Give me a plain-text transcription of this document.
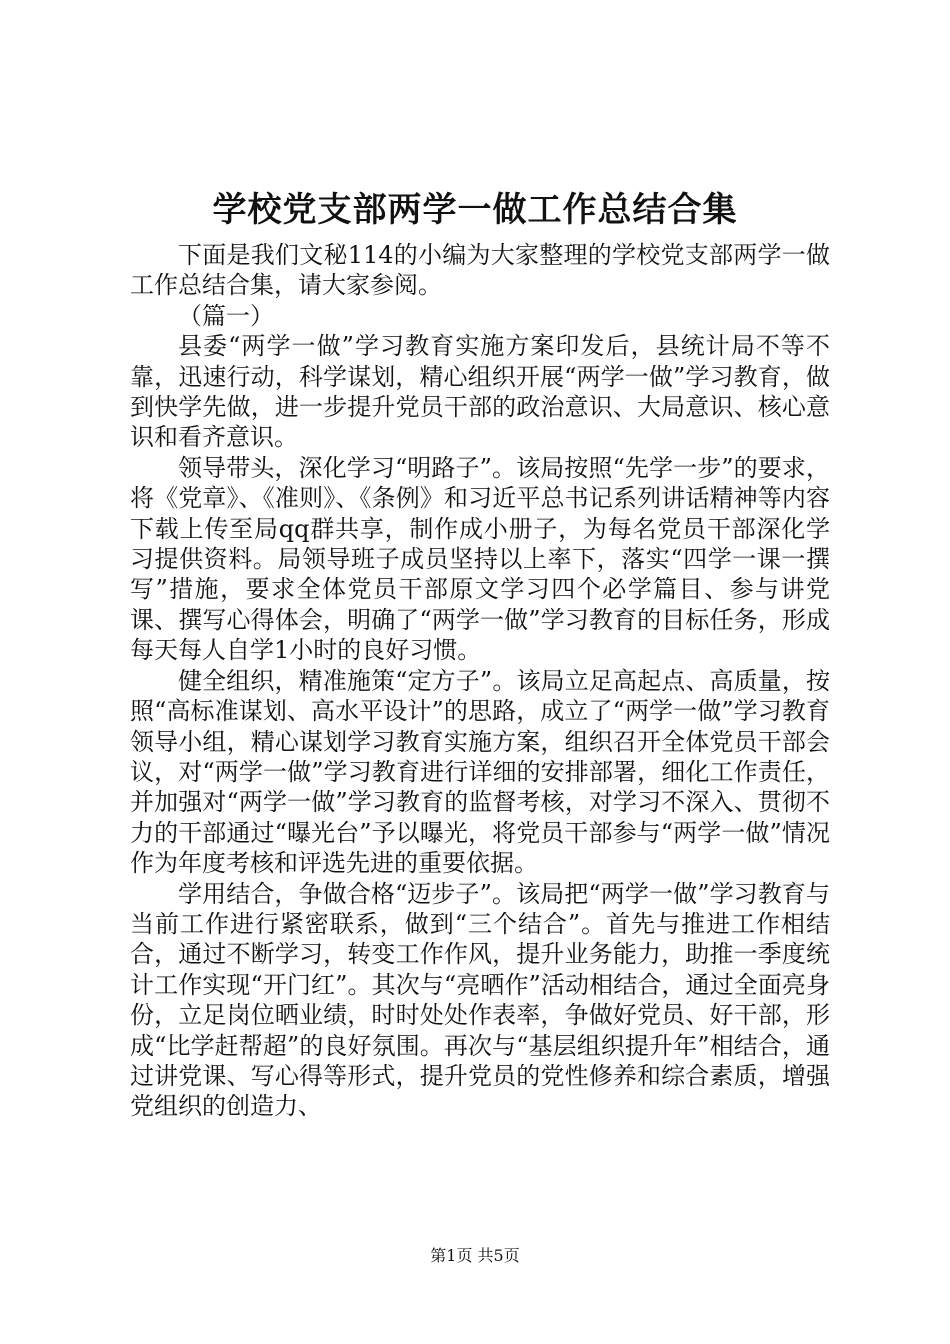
学校党支部两学一做工作总结合集

下面是我们文秘114的小编为大家整理的学校党支部两学一做工作总结合集，请大家参阅。

（篇一）

县委“两学一做”学习教育实施方案印发后，县统计局不等不靠，迅速行动，科学谋划，精心组织开展“两学一做”学习教育，做到快学先做，进一步提升党员干部的政治意识、大局意识、核心意识和看齐意识。

领导带头，深化学习“明路子”。该局按照“先学一步”的要求，将《党章》、《准则》、《条例》和习近平总书记系列讲话精神等内容下载上传至局qq群共享，制作成小册子，为每名党员干部深化学习提供资料。局领导班子成员坚持以上率下，落实“四学一课一撰写”措施，要求全体党员干部原文学习四个必学篇目、参与讲党课、撰写心得体会，明确了“两学一做”学习教育的目标任务，形成每天每人自学1小时的良好习惯。

健全组织，精准施策“定方子”。该局立足高起点、高质量，按照“高标准谋划、高水平设计”的思路，成立了“两学一做”学习教育领导小组，精心谋划学习教育实施方案，组织召开全体党员干部会议，对“两学一做”学习教育进行详细的安排部署，细化工作责任，并加强对“两学一做”学习教育的监督考核，对学习不深入、贯彻不力的干部通过“曝光台”予以曝光，将党员干部参与“两学一做”情况作为年度考核和评选先进的重要依据。

学用结合，争做合格“迈步子”。该局把“两学一做”学习教育与当前工作进行紧密联系，做到“三个结合”。首先与推进工作相结合，通过不断学习，转变工作作风，提升业务能力，助推一季度统计工作实现“开门红”。其次与“亮晒作”活动相结合，通过全面亮身份，立足岗位晒业绩，时时处处作表率，争做好党员、好干部，形成“比学赶帮超”的良好氛围。再次与“基层组织提升年”相结合，通过讲党课、写心得等形式，提升党员的党性修养和综合素质，增强党组织的创造力、

第1页 共5页
